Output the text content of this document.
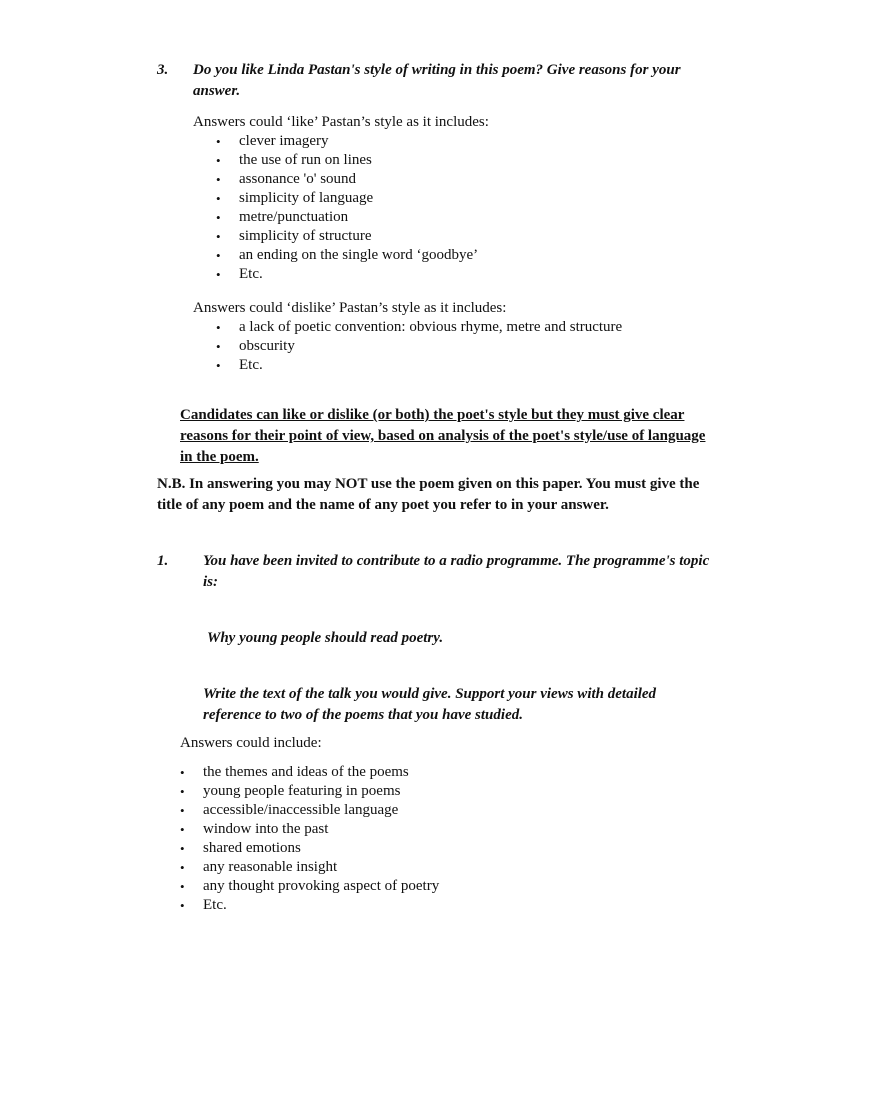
3. Do you like Linda Pastan's style of writing in this poem? Give reasons for your
answer.
Answers could ‘like’ Pastan’s style as it includes:
• clever imagery
• the use of run on lines
• assonance 'o' sound
• simplicity of language
• metre/punctuation
• simplicity of structure
• an ending on the single word ‘goodbye’
• Etc.
Answers could ‘dislike’ Pastan’s style as it includes:
• a lack of poetic convention: obvious rhyme, metre and structure
• obscurity
• Etc.
Candidates can like or dislike (or both) the poet's style but they must give clear
reasons for their point of view, based on analysis of the poet's style/use of language
in the poem.
N.B. In answering you may NOT use the poem given on this paper. You must give the
title of any poem and the name of any poet you refer to in your answer.
1. You have been invited to contribute to a radio programme. The programme's topic
is:
Why young people should read poetry.
Write the text of the talk you would give. Support your views with detailed
reference to two of the poems that you have studied.
Answers could include:
• the themes and ideas of the poems
• young people featuring in poems
• accessible/inaccessible language
• window into the past
• shared emotions
• any reasonable insight
• any thought provoking aspect of poetry
• Etc.
